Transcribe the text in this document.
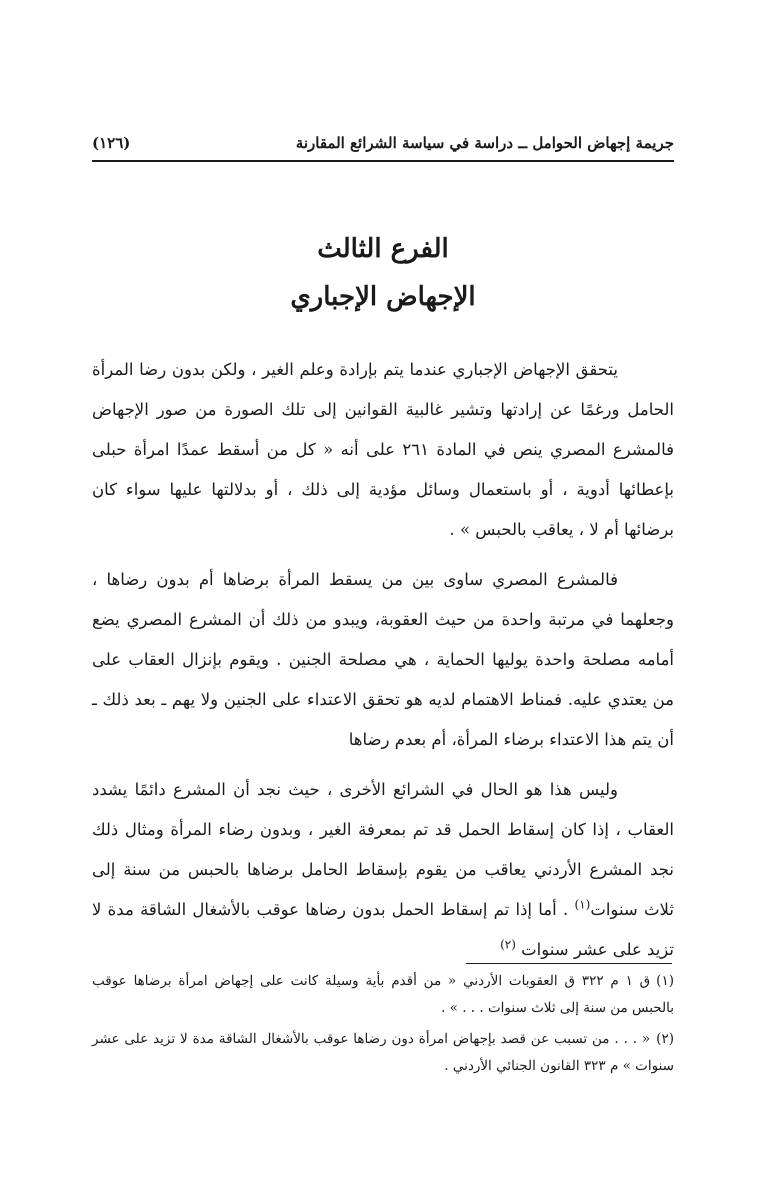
جريمة إجهاض الحوامل ــ دراسة في سياسة الشرائع المقارنة
(١٢٦)
الفرع الثالث
الإجهاض الإجباري

يتحقق الإجهاض الإجباري عندما يتم بإرادة وعلم الغير ، ولكن بدون رضا المرأة الحامل ورغمًا عن إرادتها وتشير غالبية القوانين إلى تلك الصورة من صور الإجهاض فالمشرع المصري ينص في المادة ٢٦١ على أنه « كل من أسقط عمدًا امرأة حبلى بإعطائها أدوية ، أو باستعمال وسائل مؤدية إلى ذلك ، أو بدلالتها عليها سواء كان برضائها أم لا ، يعاقب بالحبس » .

فالمشرع المصري ساوى بين من يسقط المرأة برضاها أم بدون رضاها ، وجعلهما في مرتبة واحدة من حيث العقوبة، ويبدو من ذلك أن المشرع المصري يضع أمامه مصلحة واحدة يوليها الحماية ، هي مصلحة الجنين . ويقوم بإنزال العقاب على من يعتدي عليه. فمناط الاهتمام لديه هو تحقق الاعتداء على الجنين ولا يهم ـ بعد ذلك ـ أن يتم هذا الاعتداء برضاء المرأة، أم بعدم رضاها

وليس هذا هو الحال في الشرائع الأخرى ، حيث نجد أن المشرع دائمًا يشدد العقاب ، إذا كان إسقاط الحمل قد تم بمعرفة الغير ، وبدون رضاء المرأة ومثال ذلك نجد المشرع الأردني يعاقب من يقوم بإسقاط الحامل برضاها بالحبس من سنة إلى ثلاث سنوات$^{(١)}$ . أما إذا تم إسقاط الحمل بدون رضاها عوقب بالأشغال الشاقة مدة لا تزيد على عشر سنوات $^{(٢)}$

(١)ق ١ م ٣٢٢ ق العقوبات الأردني « من أقدم بأية وسيلة كانت على إجهاض امرأة برضاها عوقب بالحبس من سنة إلى ثلاث سنوات . . . » .

(٢)« . . . من تسبب عن قصد بإجهاض امرأة دون رضاها عوقب بالأشغال الشاقة مدة لا تزيد على عشر سنوات » م ٣٢٣ القانون الجنائي الأردني .
